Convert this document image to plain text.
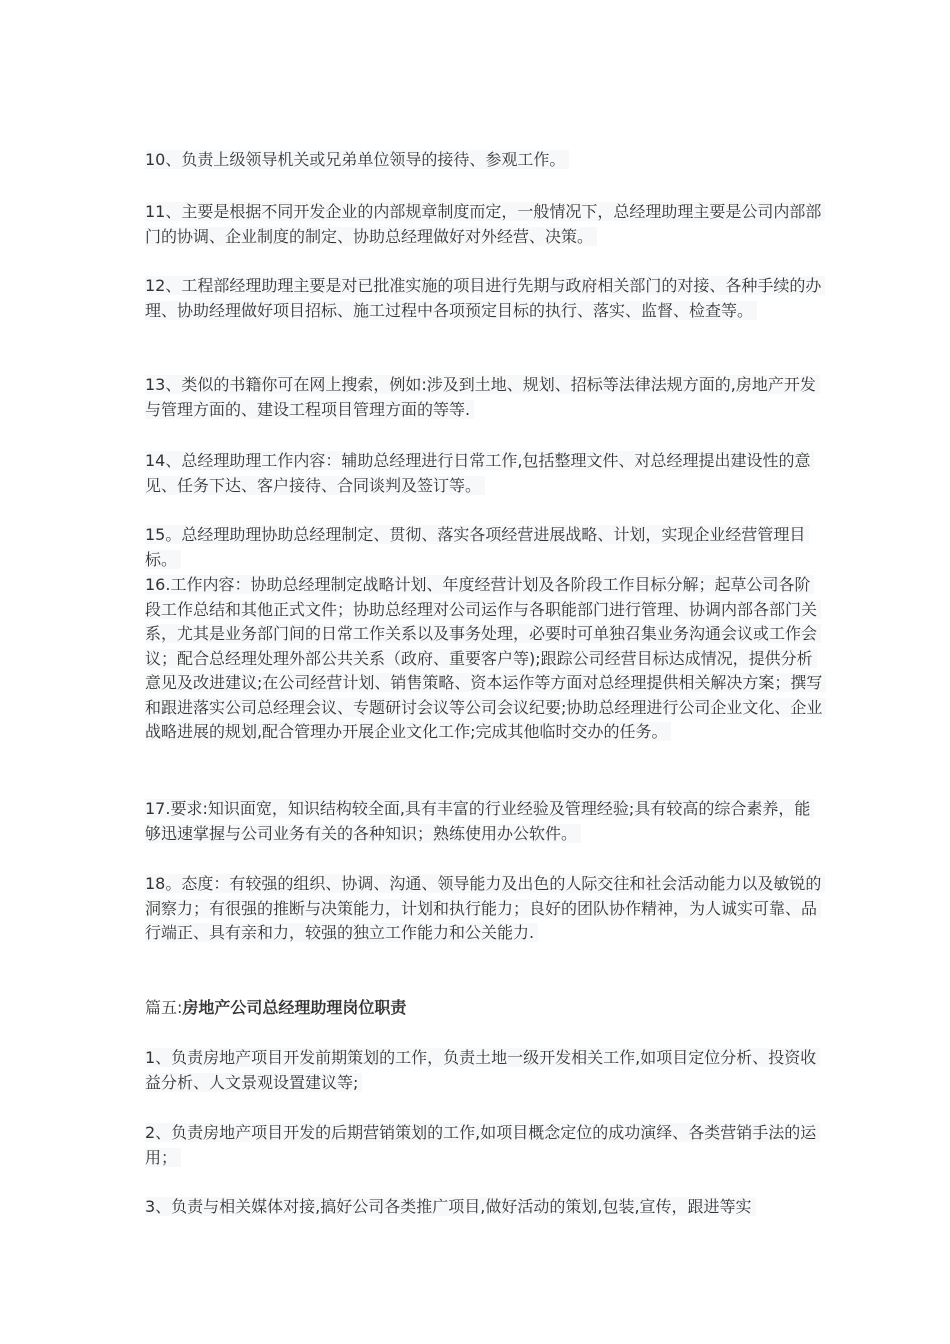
10、负责上级领导机关或兄弟单位领导的接待、参观工作。

11、主要是根据不同开发企业的内部规章制度而定，一般情况下，总经理助理主要是公司内部部门的协调、企业制度的制定、协助总经理做好对外经营、决策。

12、工程部经理助理主要是对已批准实施的项目进行先期与政府相关部门的对接、各种手续的办理、协助经理做好项目招标、施工过程中各项预定目标的执行、落实、监督、检查等。

13、类似的书籍你可在网上搜索，例如:涉及到土地、规划、招标等法律法规方面的,房地产开发与管理方面的、建设工程项目管理方面的等等.

14、总经理助理工作内容：辅助总经理进行日常工作,包括整理文件、对总经理提出建设性的意见、任务下达、客户接待、合同谈判及签订等。

15。总经理助理协助总经理制定、贯彻、落实各项经营进展战略、计划，实现企业经营管理目标。

16.工作内容：协助总经理制定战略计划、年度经营计划及各阶段工作目标分解；起草公司各阶段工作总结和其他正式文件；协助总经理对公司运作与各职能部门进行管理、协调内部各部门关系，尤其是业务部门间的日常工作关系以及事务处理，必要时可单独召集业务沟通会议或工作会议；配合总经理处理外部公共关系（政府、重要客户等);跟踪公司经营目标达成情况，提供分析意见及改进建议;在公司经营计划、销售策略、资本运作等方面对总经理提供相关解决方案；撰写和跟进落实公司总经理会议、专题研讨会议等公司会议纪要;协助总经理进行公司企业文化、企业战略进展的规划,配合管理办开展企业文化工作;完成其他临时交办的任务。

17.要求:知识面宽，知识结构较全面,具有丰富的行业经验及管理经验;具有较高的综合素养，能够迅速掌握与公司业务有关的各种知识；熟练使用办公软件。

18。态度：有较强的组织、协调、沟通、领导能力及出色的人际交往和社会活动能力以及敏锐的洞察力；有很强的推断与决策能力，计划和执行能力；良好的团队协作精神，为人诚实可靠、品行端正、具有亲和力，较强的独立工作能力和公关能力.

篇五:房地产公司总经理助理岗位职责

1、负责房地产项目开发前期策划的工作，负责土地一级开发相关工作,如项目定位分析、投资收益分析、人文景观设置建议等;

2、负责房地产项目开发的后期营销策划的工作,如项目概念定位的成功演绎、各类营销手法的运用；

3、负责与相关媒体对接,搞好公司各类推广项目,做好活动的策划,包装,宣传，跟进等实
